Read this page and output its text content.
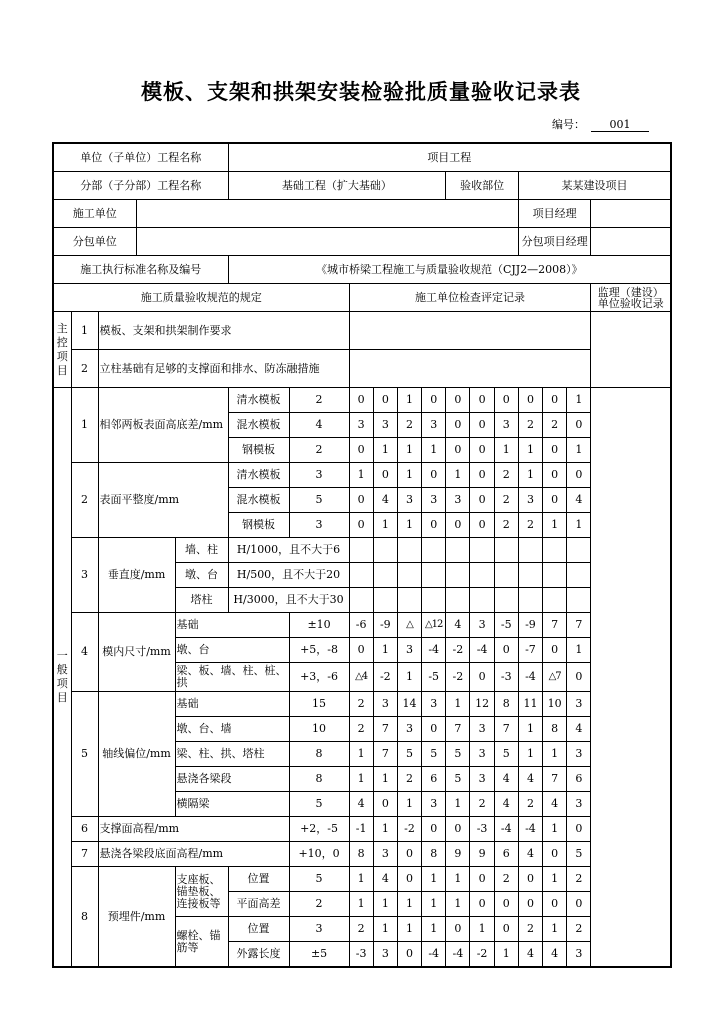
模板、支架和拱架安装检验批质量验收记录表
编号： 001
单位（子单位）工程名称					项目工程												
分部（子分部）工程名称					基础工程（扩大基础）						验收部位			某某建设项目			
施工单位														项目经理			
分包单位														分包项目经理			
施工执行标准名称及编号					《城市桥梁工程施工与质量验收规范（CJJ2—2008）》												
施工质量验收规范的规定							施工单位检查评定记录										监理（建设）单位验收记录
主控项目	1	模板、支架和拱架制作要求															
	2	立柱基础有足够的支撑面和排水、防冻融措施															
一般项目	1	相邻两板表面高底差/mm			清水模板	2	0	0	1	0	0	0	0	0	0	1	
					混水模板	4	3	3	2	3	0	0	3	2	2	0	
					钢模板	2	0	1	1	1	0	0	1	1	0	1	
	2	表面平整度/mm			清水模板	3	1	0	1	0	1	0	2	1	0	0	
					混水模板	5	0	4	3	3	3	0	2	3	0	4	
					钢模板	3	0	1	1	0	0	0	2	2	1	1	
	3	垂直度/mm		墙、柱	H/1000，且不大于6												
				墩、台	H/500，且不大于20												
				塔柱	H/3000，且不大于30												
	4	模内尺寸/mm		基础		±10	-6	-9	△	△12	4	3	-5	-9	7	7	
				墩、台		+5，-8	0	1	3	-4	-2	-4	0	-7	0	1	
				梁、板、墙、柱、桩、拱		+3，-6	△4	-2	1	-5	-2	0	-3	-4	△7	0	
	5	轴线偏位/mm		基础		15	2	3	14	3	1	12	8	11	10	3	
				墩、台、墙		10	2	7	3	0	7	3	7	1	8	4	
				梁、柱、拱、塔柱		8	1	7	5	5	5	3	5	1	1	3	
				悬浇各梁段		8	1	1	2	6	5	3	4	4	7	6	
				横隔梁		5	4	0	1	3	1	2	4	2	4	3	
	6	支撑面高程/mm				+2，-5	-1	1	-2	0	0	-3	-4	-4	1	0	
	7	悬浇各梁段底面高程/mm				+10，0	8	3	0	8	9	9	6	4	0	5	
	8	预埋件/mm		支座板、锚垫板、连接板等	位置	5	1	4	0	1	1	0	2	0	1	2	
					平面高差	2	1	1	1	1	1	0	0	0	0	0	
				螺栓、锚筋等	位置	3	2	1	1	1	0	1	0	2	1	2	
					外露长度	±5	-3	3	0	-4	-4	-2	1	4	4	3	
